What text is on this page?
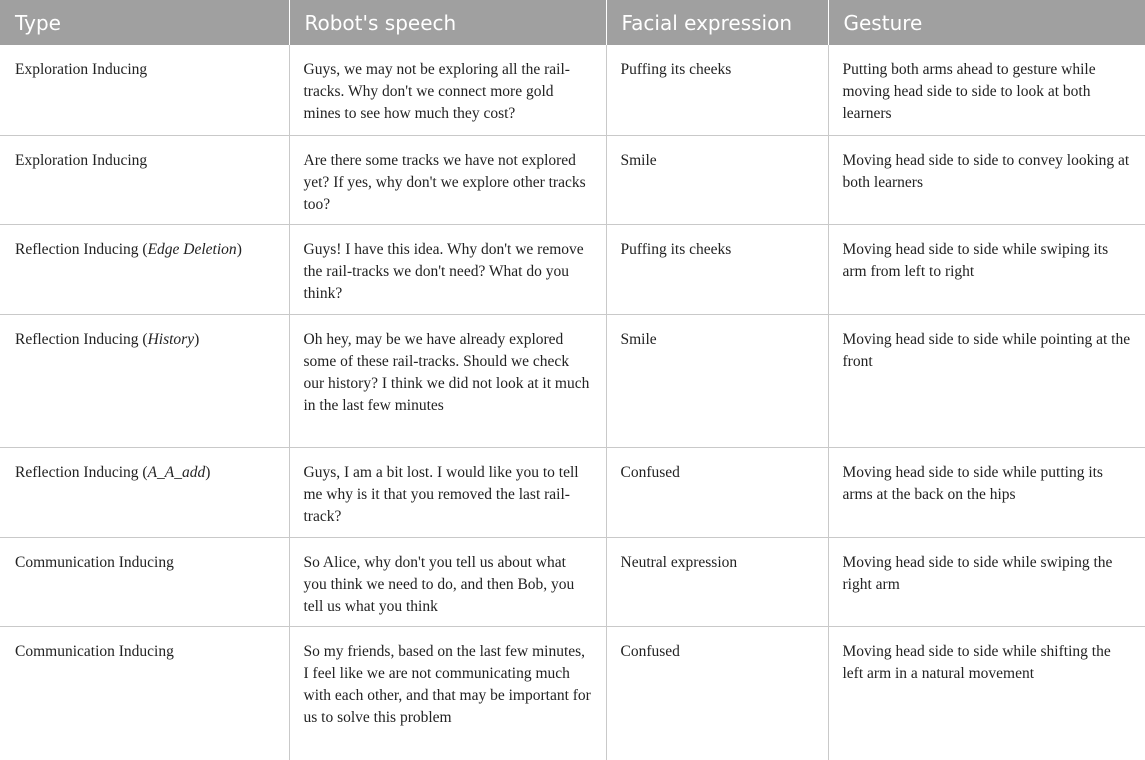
Type	Robot's speech	Facial expression	Gesture
Exploration Inducing	Guys, we may not be exploring all the rail-tracks. Why don't we connect more gold mines to see how much they cost?	Puffing its cheeks	Putting both arms ahead to gesture while moving head side to side to look at both learners
Exploration Inducing	Are there some tracks we have not explored yet? If yes, why don't we explore other tracks too?	Smile	Moving head side to side to convey looking at both learners
Reflection Inducing (Edge Deletion)	Guys! I have this idea. Why don't we remove the rail-tracks we don't need? What do you think?	Puffing its cheeks	Moving head side to side while swiping its arm from left to right
Reflection Inducing (History)	Oh hey, may be we have already explored some of these rail-tracks. Should we check our history? I think we did not look at it much in the last few minutes	Smile	Moving head side to side while pointing at the front
Reflection Inducing (A_A_add)	Guys, I am a bit lost. I would like you to tell me why is it that you removed the last rail-track?	Confused	Moving head side to side while putting its arms at the back on the hips
Communication Inducing	So Alice, why don't you tell us about what you think we need to do, and then Bob, you tell us what you think	Neutral expression	Moving head side to side while swiping the right arm
Communication Inducing	So my friends, based on the last few minutes, I feel like we are not communicating much with each other, and that may be important for us to solve this problem	Confused	Moving head side to side while shifting the left arm in a natural movement
